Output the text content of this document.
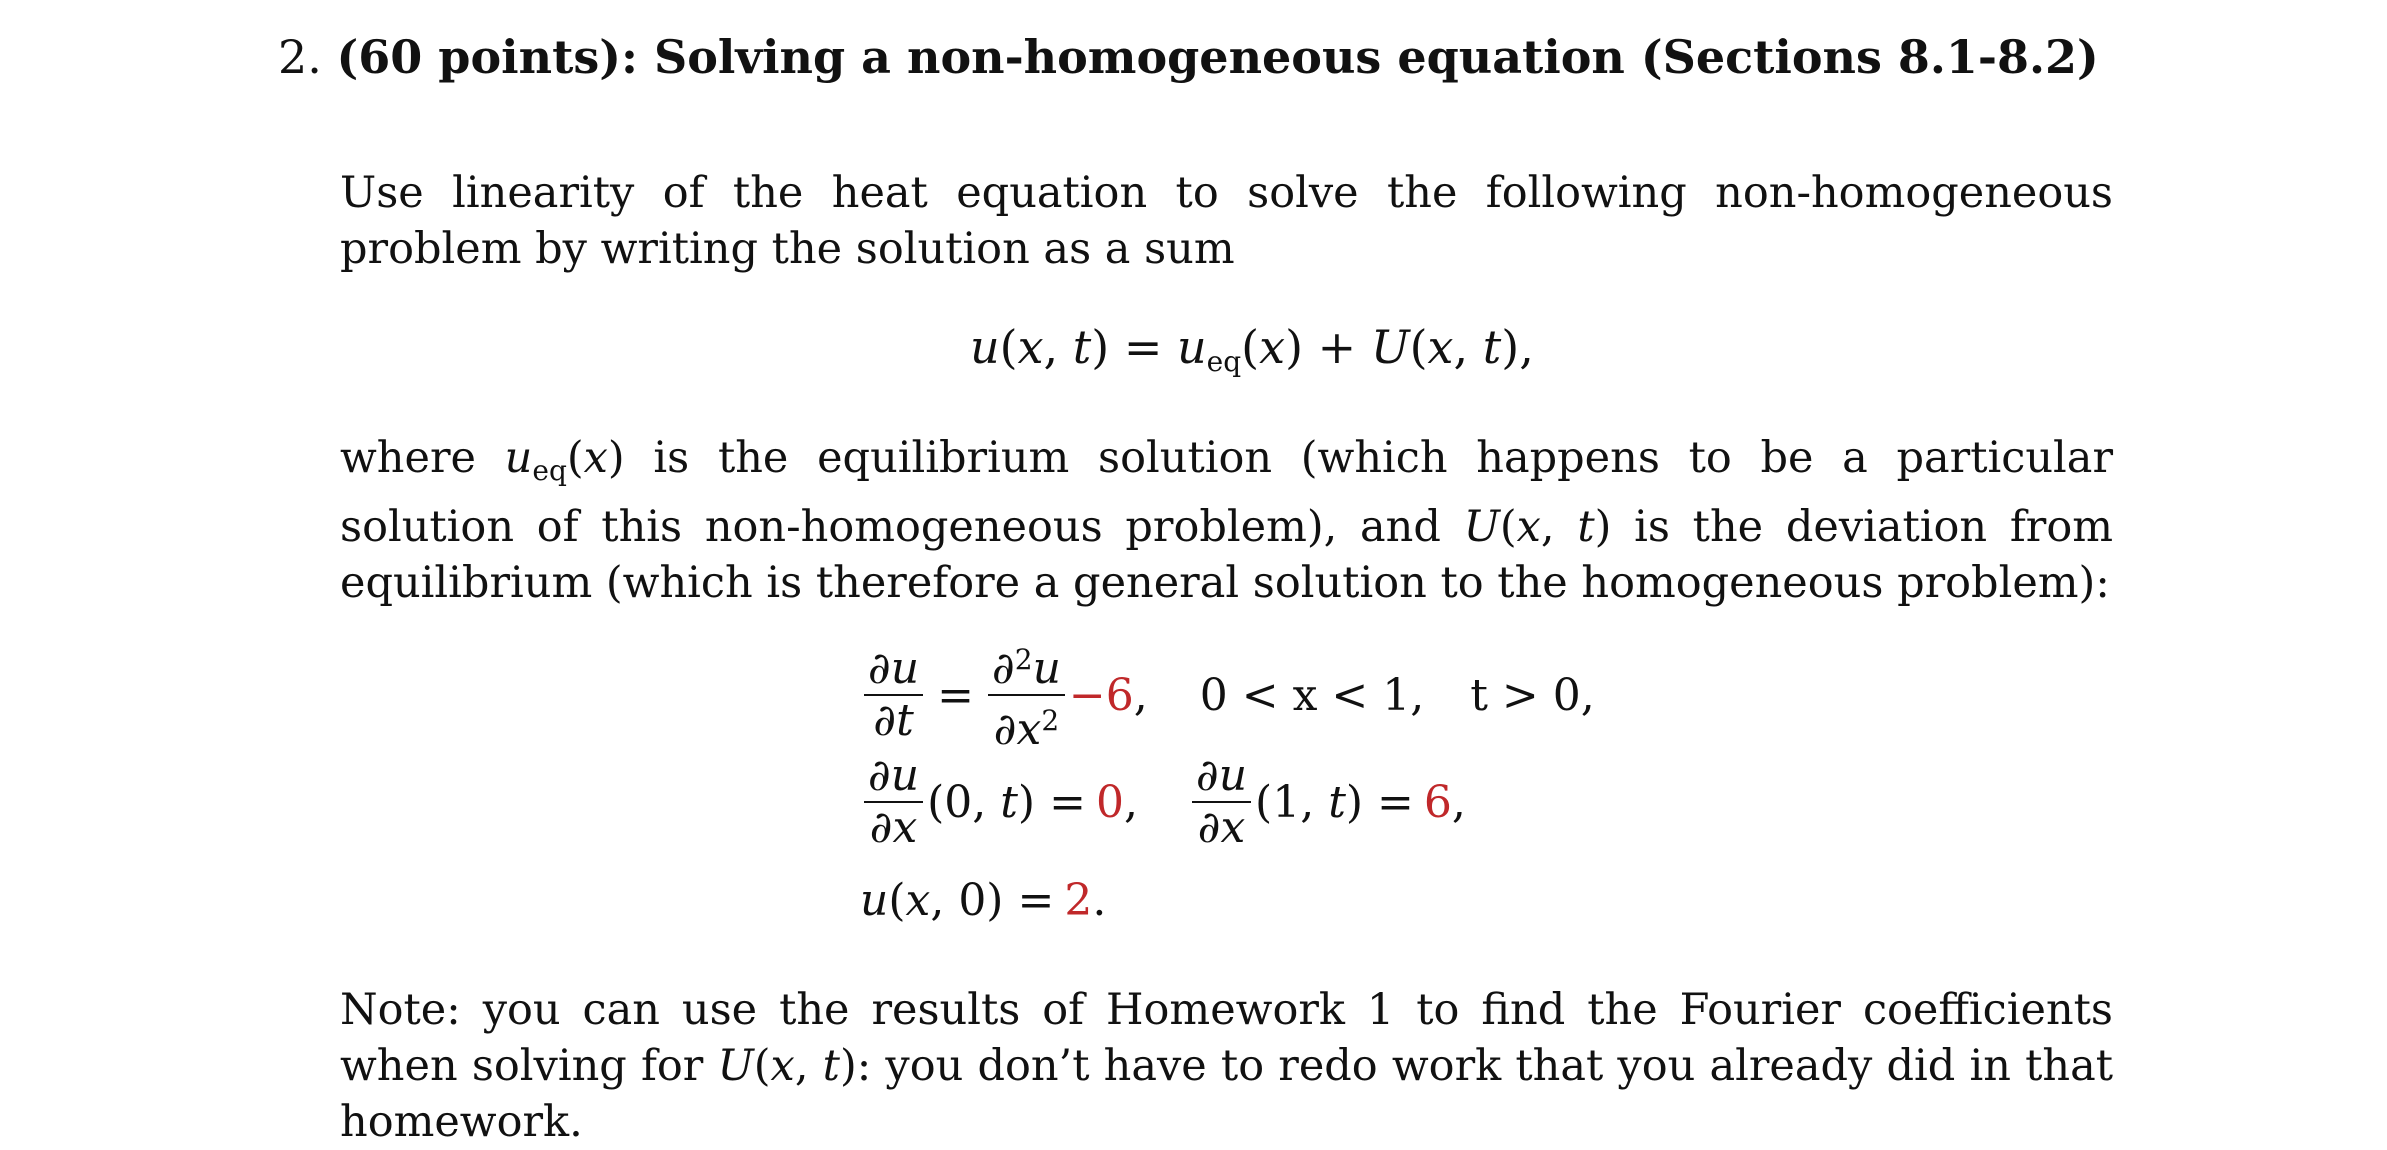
2. (60 points): Solving a non-homogeneous equation (Sections 8.1-8.2)
Use linearity of the heat equation to solve the following non-homogeneous problem by writing the solution as a sum
u(x, $t) = u_{eq}(x) + U(x$, t),
where $u_{eq}(x)$ is the equilibrium solution (which happens to be a particular solution of this non-homogeneous problem), and U(x, t) is the deviation from equilibrium (which is therefore a general solution to the homogeneous problem):
$\frac{\partial u}{\partial t} = \frac{\partial^2u}{\partial x^2} -6$ , 0 < x < 1, t > 0,
$\frac{\partial u}{\partial x} (0$, t) = 0 , $\frac{\partial u}{\partial x} (1$, t) = 6 ,
u (x, 0) = 2 .
Note: you can use the results of Homework 1 to find the Fourier coefficients when solving for U(x, t): you don’t have to redo work that you already did in that homework.
